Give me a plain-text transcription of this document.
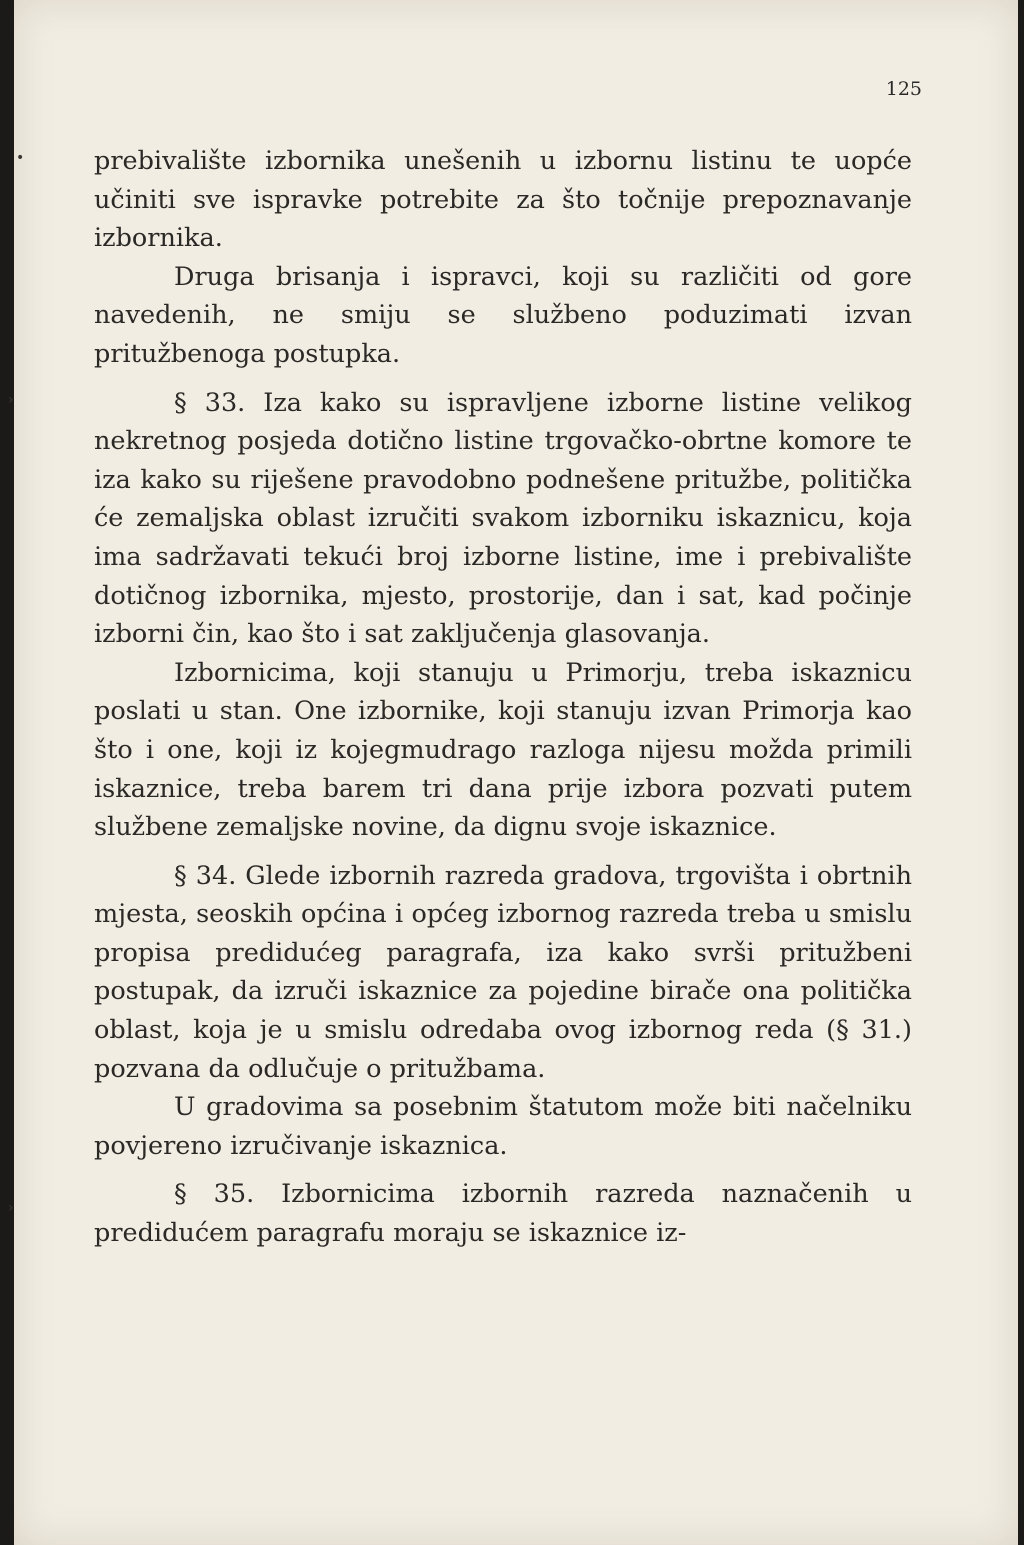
125

prebivalište izbornika unešenih u izbornu listinu te uopće učiniti sve ispravke potrebite za što točnije prepoznavanje izbornika.

Druga brisanja i ispravci, koji su različiti od gore navedenih, ne smiju se službeno poduzimati izvan pritužbenoga postupka.

§ 33. Iza kako su ispravljene izborne listine velikog nekretnog posjeda dotično listine trgovačko-obrtne komore te iza kako su riješene pravodobno podnešene pritužbe, politička će zemaljska oblast izručiti svakom izborniku iskaznicu, koja ima sadržavati tekući broj izborne listine, ime i prebivalište dotičnog izbornika, mjesto, prostorije, dan i sat, kad počinje izborni čin, kao što i sat zaključenja glasovanja.

Izbornicima, koji stanuju u Primorju, treba iskaznicu poslati u stan. One izbornike, koji stanuju izvan Primorja kao što i one, koji iz kojegmudrago razloga nijesu možda primili iskaznice, treba barem tri dana prije izbora pozvati putem službene zemaljske novine, da dignu svoje iskaznice.

§ 34. Glede izbornih razreda gradova, trgovišta i obrtnih mjesta, seoskih općina i općeg izbornog razreda treba u smislu propisa predidućeg paragrafa, iza kako svrši pritužbeni postupak, da izruči iskaznice za pojedine birače ona politička oblast, koja je u smislu odredaba ovog izbornog reda (§ 31.) pozvana da odlučuje o pritužbama.

U gradovima sa posebnim štatutom može biti načelniku povjereno izručivanje iskaznica.

§ 35. Izbornicima izbornih razreda naznačenih u predidućem paragrafu moraju se iskaznice iz-

•
›
›
